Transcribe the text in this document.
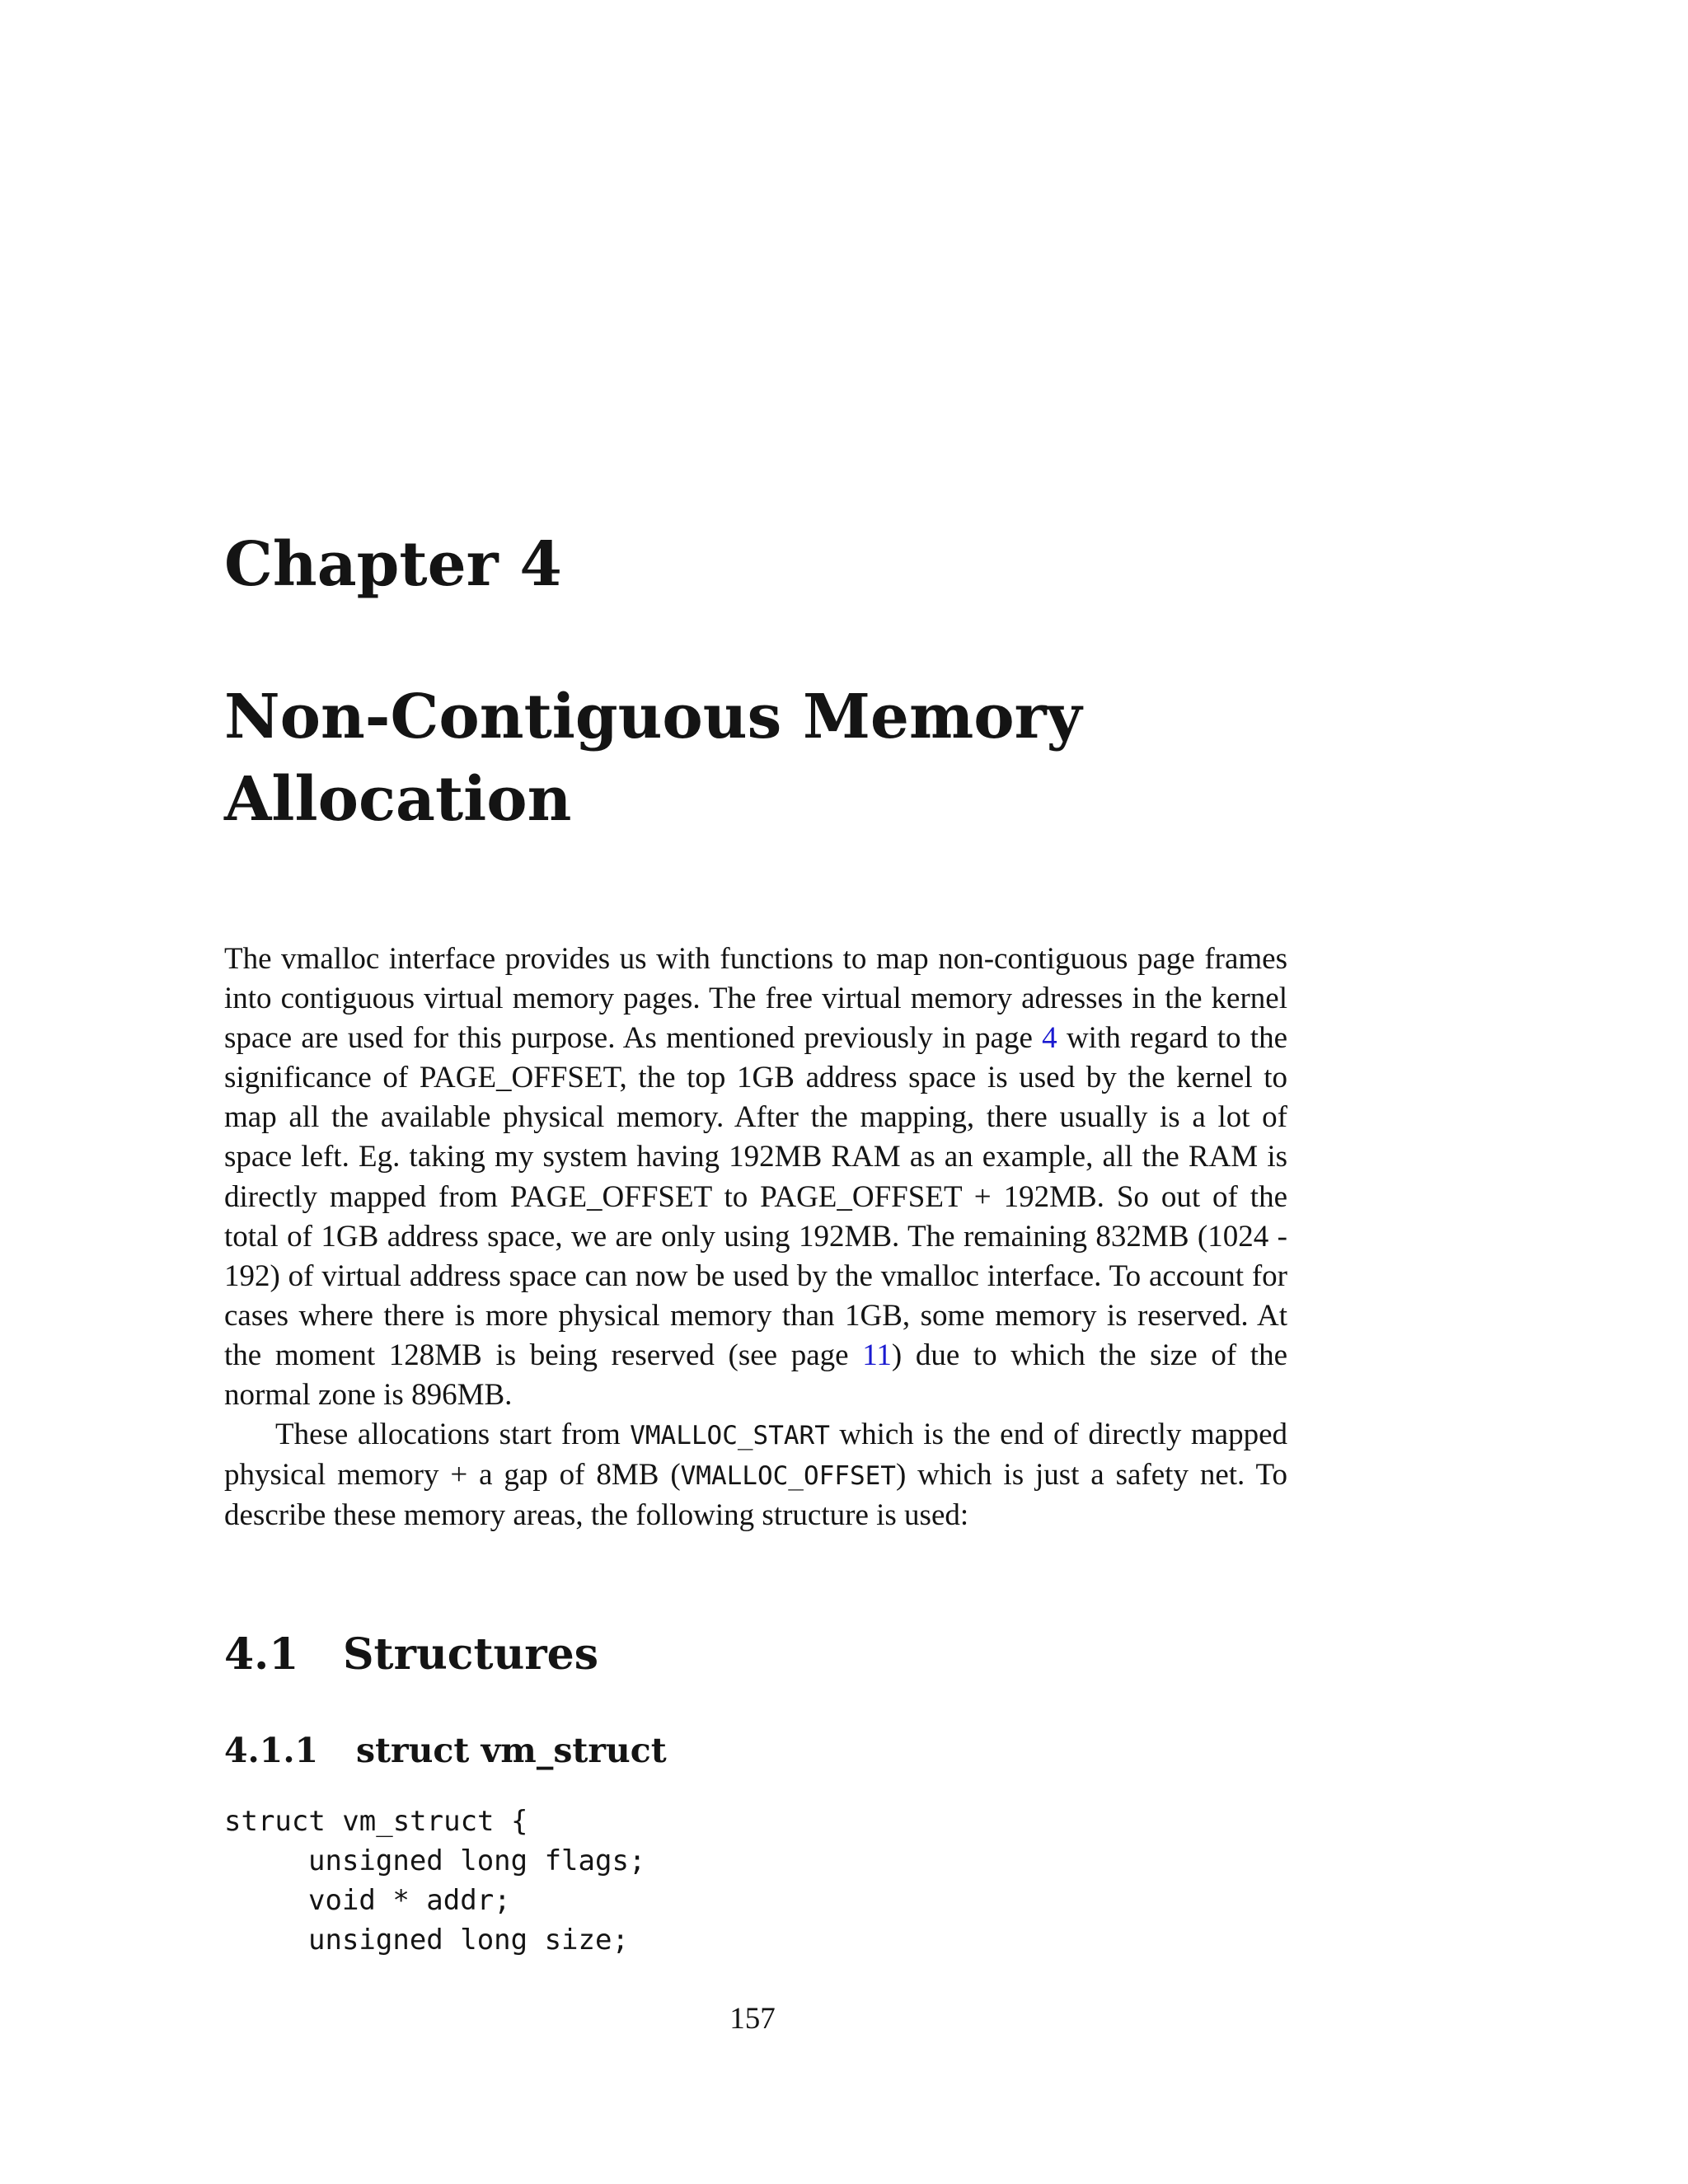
Chapter 4
Non-Contiguous Memory Allocation

The vmalloc interface provides us with functions to map non-contiguous page frames into contiguous virtual memory pages. The free virtual memory adresses in the kernel space are used for this purpose. As mentioned previously in page 4 with regard to the significance of PAGE_OFFSET, the top 1GB address space is used by the kernel to map all the available physical memory. After the mapping, there usually is a lot of space left. Eg. taking my system having 192MB RAM as an example, all the RAM is directly mapped from PAGE_OFFSET to PAGE_OFFSET + 192MB. So out of the total of 1GB address space, we are only using 192MB. The remaining 832MB (1024 - 192) of virtual address space can now be used by the vmalloc interface. To account for cases where there is more physical memory than 1GB, some memory is reserved. At the moment 128MB is being reserved (see page 11) due to which the size of the normal zone is 896MB.

These allocations start from VMALLOC_START which is the end of directly mapped physical memory + a gap of 8MB (VMALLOC_OFFSET) which is just a safety net. To describe these memory areas, the following structure is used:

4.1 Structures
4.1.1 struct vm_struct
struct vm_struct {
unsigned long flags;
void * addr;
unsigned long size;
157
